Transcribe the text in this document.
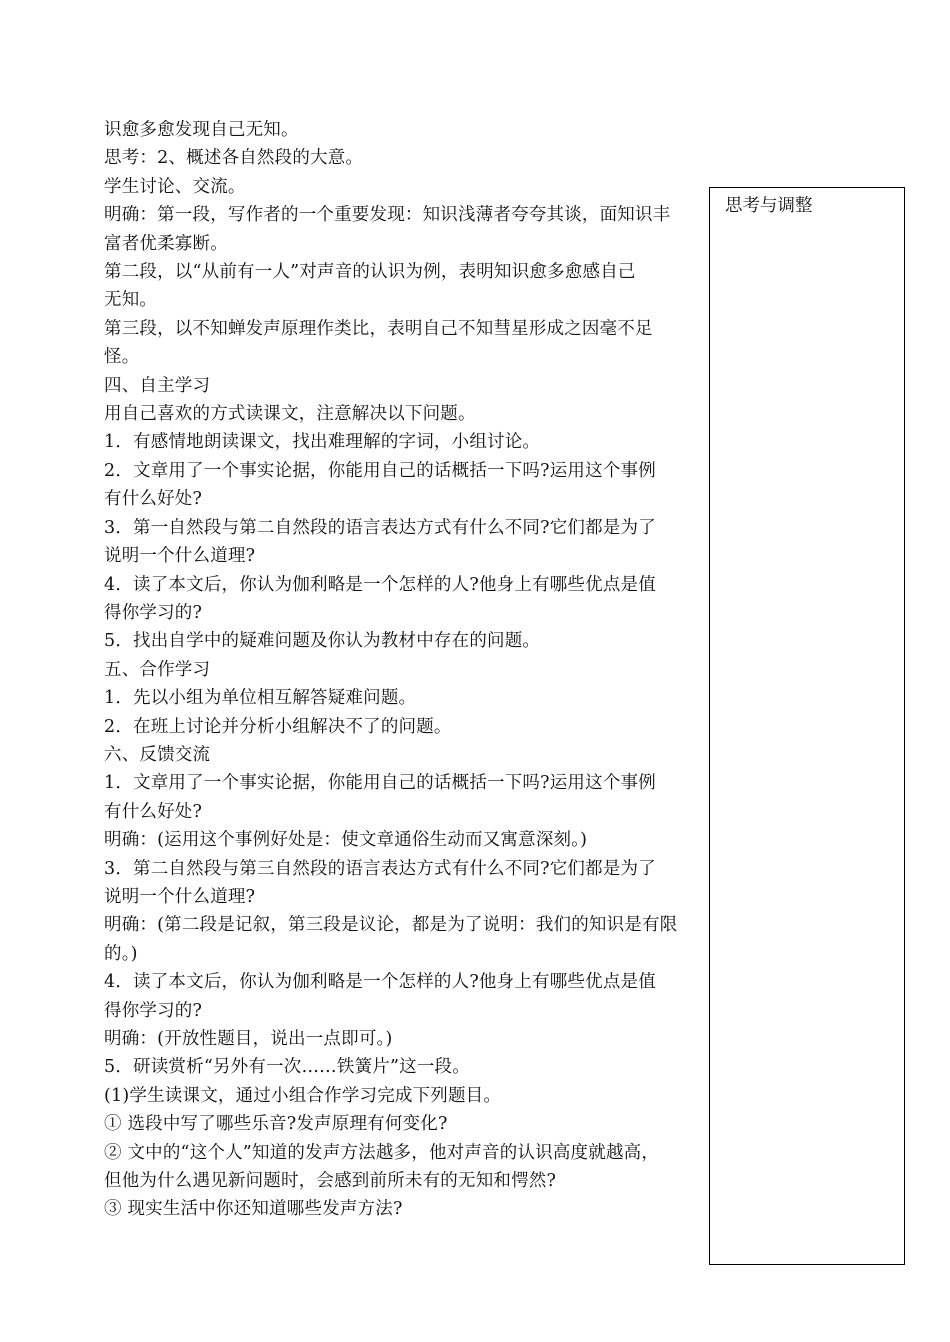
识愈多愈发现自己无知。
思考：2、概述各自然段的大意。
学生讨论、交流。
明确：第一段，写作者的一个重要发现：知识浅薄者夸夸其谈，面知识丰
富者优柔寡断。
第二段，以“从前有一人”对声音的认识为例，表明知识愈多愈感自己
无知。
第三段，以不知蝉发声原理作类比，表明自己不知彗星形成之因毫不足
怪。
四、自主学习
用自己喜欢的方式读课文，注意解决以下问题。
1．有感情地朗读课文，找出难理解的字词，小组讨论。
2．文章用了一个事实论据，你能用自己的话概括一下吗?运用这个事例
有什么好处?
3．第一自然段与第二自然段的语言表达方式有什么不同?它们都是为了
说明一个什么道理?
4．读了本文后，你认为伽利略是一个怎样的人?他身上有哪些优点是值
得你学习的?
5．找出自学中的疑难问题及你认为教材中存在的问题。
五、合作学习
1．先以小组为单位相互解答疑难问题。
2．在班上讨论并分析小组解决不了的问题。
六、反馈交流
1．文章用了一个事实论据，你能用自己的话概括一下吗?运用这个事例
有什么好处?
明确：(运用这个事例好处是：使文章通俗生动而又寓意深刻。)
3．第二自然段与第三自然段的语言表达方式有什么不同?它们都是为了
说明一个什么道理?
明确：(第二段是记叙，第三段是议论，都是为了说明：我们的知识是有限
的。)
4．读了本文后，你认为伽利略是一个怎样的人?他身上有哪些优点是值
得你学习的?
明确：(开放性题目，说出一点即可。)
5．研读赏析“另外有一次……铁簧片”这一段。
(1)学生读课文，通过小组合作学习完成下列题目。
① 选段中写了哪些乐音?发声原理有何变化?
② 文中的“这个人”知道的发声方法越多，他对声音的认识高度就越高，
但他为什么遇见新问题时，会感到前所未有的无知和愕然?
③ 现实生活中你还知道哪些发声方法?
思考与调整
